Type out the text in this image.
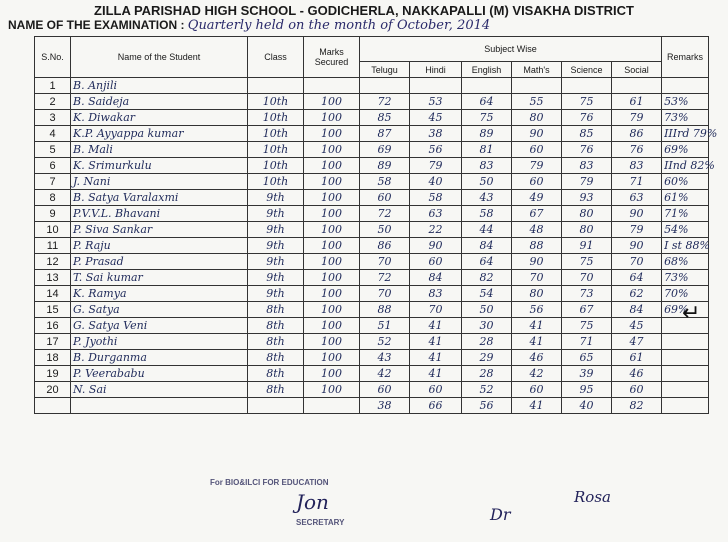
ZILLA PARISHAD HIGH SCHOOL - GODICHERLA, NAKKAPALLI (M) VISAKHA DISTRICT
NAME OF THE EXAMINATION : Quarterly held on the month of October, 2014
S.No.	Name of the Student	Class	Marks Secured	Subject Wise						Remarks
				Telugu	Hindi	English	Math's	Science	Social	
1	B. Anjili									
2	B. Saideja	10th	100	72	53	64	55	75	61	53%
3	K. Diwakar	10th	100	85	45	75	80	76	79	73%
4	K.P. Ayyappa kumar	10th	100	87	38	89	90	85	86	IIIrd 79%
5	B. Mali	10th	100	69	56	81	60	76	76	69%
6	K. Srimurkulu	10th	100	89	79	83	79	83	83	IInd 82%
7	J. Nani	10th	100	58	40	50	60	79	71	60%
8	B. Satya Varalaxmi	9th	100	60	58	43	49	93	63	61%
9	P.V.V.L. Bhavani	9th	100	72	63	58	67	80	90	71%
10	P. Siva Sankar	9th	100	50	22	44	48	80	79	54%
11	P. Raju	9th	100	86	90	84	88	91	90	I st 88%
12	P. Prasad	9th	100	70	60	64	90	75	70	68%
13	T. Sai kumar	9th	100	72	84	82	70	70	64	73%
14	K. Ramya	9th	100	70	83	54	80	73	62	70%
15	G. Satya	8th	100	88	70	50	56	67	84	69%
16	G. Satya Veni	8th	100	51	41	30	41	75	45	
17	P. Jyothi	8th	100	52	41	28	41	71	47	
18	B. Durganma	8th	100	43	41	29	46	65	61	
19	P. Veerababu	8th	100	42	41	28	42	39	46	
20	N. Sai	8th	100	60	60	52	60	95	60	
				38	66	56	41	40	82	
For BIO&ILCI FOR EDUCATION
SECRETARY
Jon
Dr
Rosa
↵
